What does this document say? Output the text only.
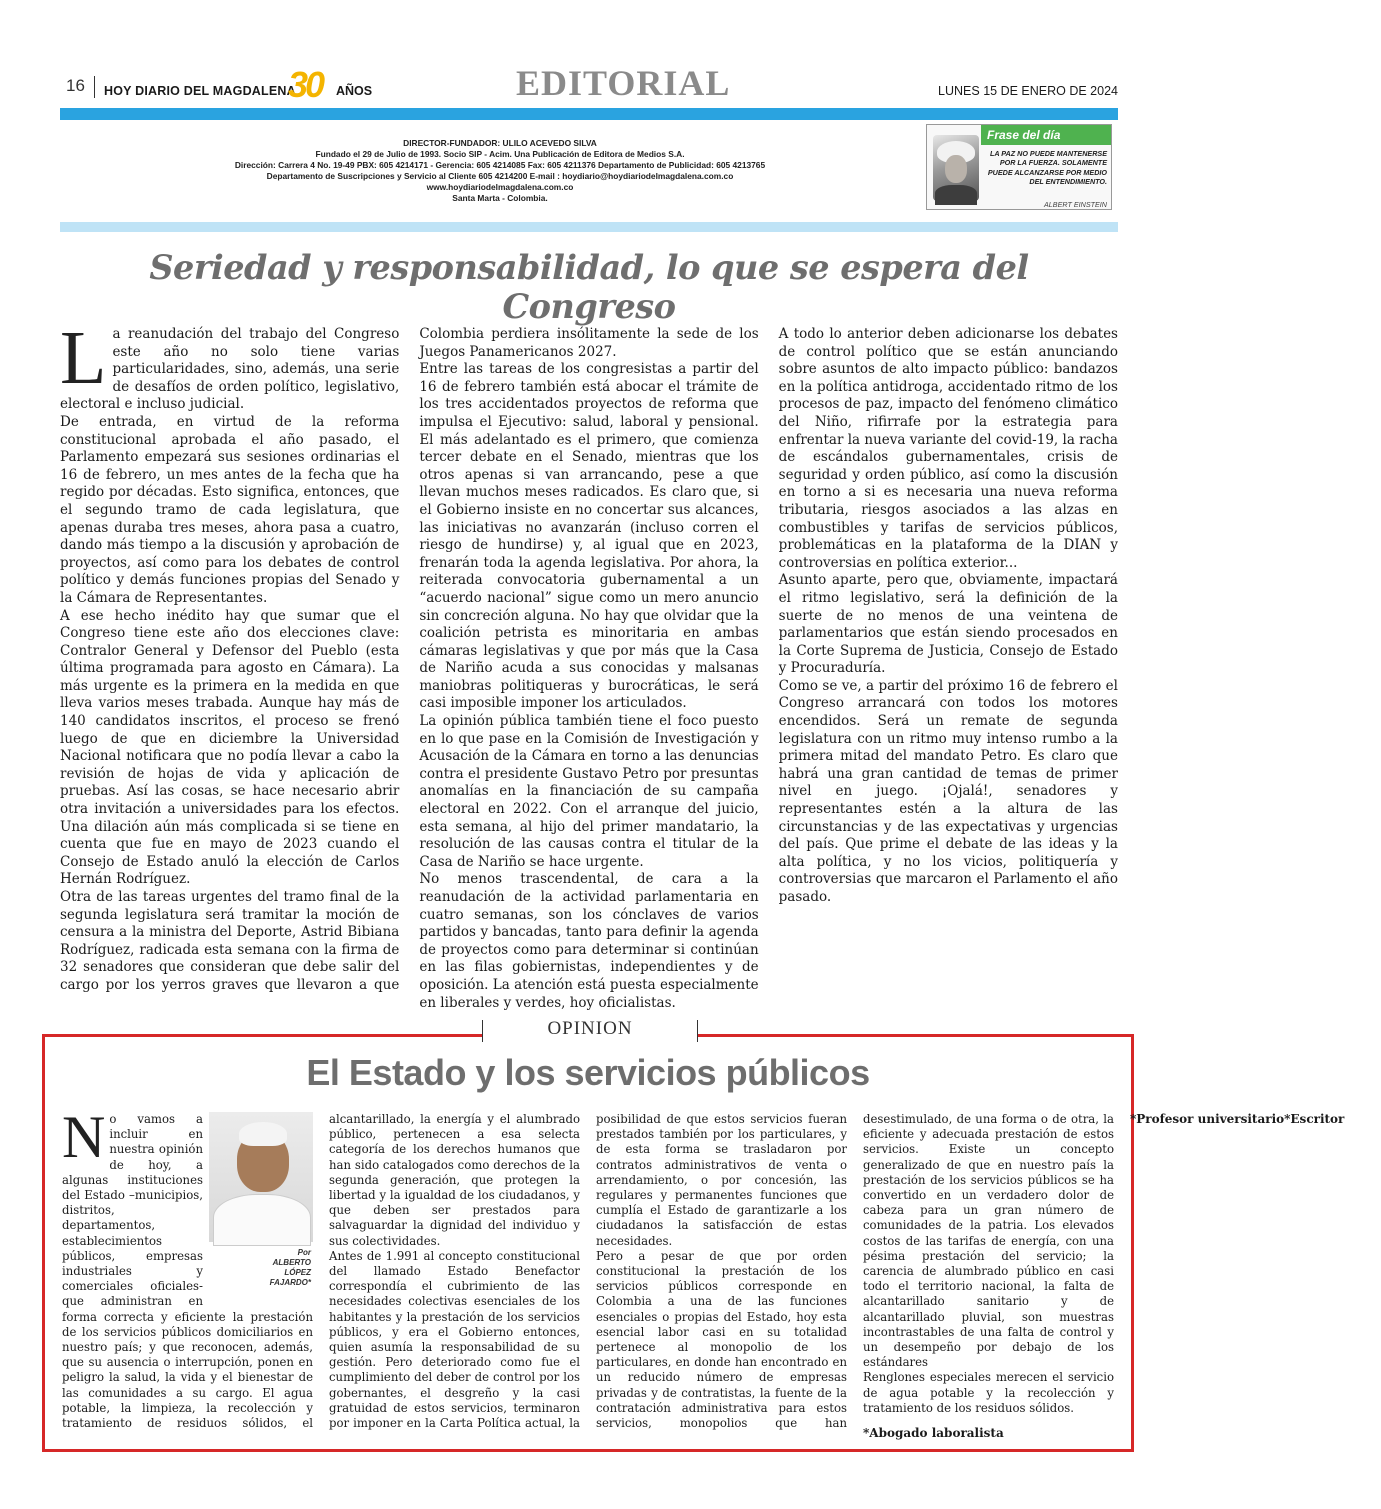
16 HOY DIARIO DEL MAGDALENA
30 AÑOS	EDITORIAL	LUNES 15 DE ENERO DE 2024
DIRECTOR-FUNDADOR: ULILO ACEVEDO SILVA
Fundado el 29 de Julio de 1993. Socio SIP - Acim. Una Publicación de Editora de Medios S.A.
Dirección: Carrera 4 No. 19-49 PBX: 605 4214171 - Gerencia: 605 4214085 Fax: 605 4211376 Departamento de Publicidad: 605 4213765
Departamento de Suscripciones y Servicio al Cliente 605 4214200 E-mail : hoydiario@hoydiariodelmagdalena.com.co
www.hoydiariodelmagdalena.com.co
Santa Marta - Colombia.
Frase del día
LA PAZ NO PUEDE MANTENERSE POR LA FUERZA. SOLAMENTE PUEDE ALCANZARSE POR MEDIO DEL ENTENDIMIENTO.
ALBERT EINSTEIN
Seriedad y responsabilidad, lo que se espera del Congreso

La reanudación del trabajo del Congreso este año no solo tiene varias particularidades, sino, además, una serie de desafíos de orden político, legislativo, electoral e incluso judicial.

De entrada, en virtud de la reforma constitucional aprobada el año pasado, el Parlamento empezará sus sesiones ordinarias el 16 de febrero, un mes antes de la fecha que ha regido por décadas. Esto significa, entonces, que el segundo tramo de cada legislatura, que apenas duraba tres meses, ahora pasa a cuatro, dando más tiempo a la discusión y aprobación de proyectos, así como para los debates de control político y demás funciones propias del Senado y la Cámara de Representantes.

A ese hecho inédito hay que sumar que el Congreso tiene este año dos elecciones clave: Contralor General y Defensor del Pueblo (esta última programada para agosto en Cámara). La más urgente es la primera en la medida en que lleva varios meses trabada. Aunque hay más de 140 candidatos inscritos, el proceso se frenó luego de que en diciembre la Universidad Nacional notificara que no podía llevar a cabo la revisión de hojas de vida y aplicación de pruebas. Así las cosas, se hace necesario abrir otra invitación a universidades para los efectos. Una dilación aún más complicada si se tiene en cuenta que fue en mayo de 2023 cuando el Consejo de Estado anuló la elección de Carlos Hernán Rodríguez.

Otra de las tareas urgentes del tramo final de la segunda legislatura será tramitar la moción de censura a la ministra del Deporte, Astrid Bibiana Rodríguez, radicada esta semana con la firma de 32 senadores que consideran que debe salir del cargo por los yerros graves que llevaron a que Colombia perdiera insólitamente la sede de los Juegos Panamericanos 2027.

Entre las tareas de los congresistas a partir del 16 de febrero también está abocar el trámite de los tres accidentados proyectos de reforma que impulsa el Ejecutivo: salud, laboral y pensional. El más adelantado es el primero, que comienza tercer debate en el Senado, mientras que los otros apenas si van arrancando, pese a que llevan muchos meses radicados. Es claro que, si el Gobierno insiste en no concertar sus alcances, las iniciativas no avanzarán (incluso corren el riesgo de hundirse) y, al igual que en 2023, frenarán toda la agenda legislativa. Por ahora, la reiterada convocatoria gubernamental a un “acuerdo nacional” sigue como un mero anuncio sin concreción alguna. No hay que olvidar que la coalición petrista es minoritaria en ambas cámaras legislativas y que por más que la Casa de Nariño acuda a sus conocidas y malsanas maniobras politiqueras y burocráticas, le será casi imposible imponer los articulados.

La opinión pública también tiene el foco puesto en lo que pase en la Comisión de Investigación y Acusación de la Cámara en torno a las denuncias contra el presidente Gustavo Petro por presuntas anomalías en la financiación de su campaña electoral en 2022. Con el arranque del juicio, esta semana, al hijo del primer mandatario, la resolución de las causas contra el titular de la Casa de Nariño se hace urgente.

No menos trascendental, de cara a la reanudación de la actividad parlamentaria en cuatro semanas, son los cónclaves de varios partidos y bancadas, tanto para definir la agenda de proyectos como para determinar si continúan en las filas gobiernistas, independientes y de oposición. La atención está puesta especialmente en liberales y verdes, hoy oficialistas.

A todo lo anterior deben adicionarse los debates de control político que se están anunciando sobre asuntos de alto impacto público: bandazos en la política antidroga, accidentado ritmo de los procesos de paz, impacto del fenómeno climático del Niño, rifirrafe por la estrategia para enfrentar la nueva variante del covid-19, la racha de escándalos gubernamentales, crisis de seguridad y orden público, así como la discusión en torno a si es necesaria una nueva reforma tributaria, riesgos asociados a las alzas en combustibles y tarifas de servicios públicos, problemáticas en la plataforma de la DIAN y controversias en política exterior...

Asunto aparte, pero que, obviamente, impactará el ritmo legislativo, será la definición de la suerte de no menos de una veintena de parlamentarios que están siendo procesados en la Corte Suprema de Justicia, Consejo de Estado y Procuraduría.

Como se ve, a partir del próximo 16 de febrero el Congreso arrancará con todos los motores encendidos. Será un remate de segunda legislatura con un ritmo muy intenso rumbo a la primera mitad del mandato Petro. Es claro que habrá una gran cantidad de temas de primer nivel en juego. ¡Ojalá!, senadores y representantes estén a la altura de las circunstancias y de las expectativas y urgencias del país. Que prime el debate de las ideas y la alta política, y no los vicios, politiquería y controversias que marcaron el Parlamento el año pasado.

OPINION
El Estado y los servicios públicos
Por
ALBERTO
LÓPEZ
FAJARDO*

No vamos a incluir en nuestra opinión de hoy, a algunas instituciones del Estado –municipios, distritos, departamentos, establecimientos públicos, empresas industriales y comerciales oficiales- que administran en forma correcta y eficiente la prestación de los servicios públicos domiciliarios en nuestro país; y que reconocen, además, que su ausencia o interrupción, ponen en peligro la salud, la vida y el bienestar de las comunidades a su cargo. El agua potable, la limpieza, la recolección y tratamiento de residuos sólidos, el alcantarillado, la energía y el alumbrado público, pertenecen a esa selecta categoría de los derechos humanos que han sido catalogados como derechos de la segunda generación, que protegen la libertad y la igualdad de los ciudadanos, y que deben ser prestados para salvaguardar la dignidad del individuo y sus colectividades.

Antes de 1.991 al concepto constitucional del llamado Estado Benefactor correspondía el cubrimiento de las necesidades colectivas esenciales de los habitantes y la prestación de los servicios públicos, y era el Gobierno entonces, quien asumía la responsabilidad de su gestión. Pero deteriorado como fue el cumplimiento del deber de control por los gobernantes, el desgreño y la casi gratuidad de estos servicios, terminaron por imponer en la Carta Política actual, la posibilidad de que estos servicios fueran prestados también por los particulares, y de esta forma se trasladaron por contratos administrativos de venta o arrendamiento, o por concesión, las regulares y permanentes funciones que cumplía el Estado de garantizarle a los ciudadanos la satisfacción de estas necesidades.

Pero a pesar de que por orden constitucional la prestación de los servicios públicos corresponde en Colombia a una de las funciones esenciales o propias del Estado, hoy esta esencial labor casi en su totalidad pertenece al monopolio de los particulares, en donde han encontrado en un reducido número de empresas privadas y de contratistas, la fuente de la contratación administrativa para estos servicios, monopolios que han desestimulado, de una forma o de otra, la eficiente y adecuada prestación de estos servicios. Existe un concepto generalizado de que en nuestro país la prestación de los servicios públicos se ha convertido en un verdadero dolor de cabeza para un gran número de comunidades de la patria. Los elevados costos de las tarifas de energía, con una pésima prestación del servicio; la carencia de alumbrado público en casi todo el territorio nacional, la falta de alcantarillado sanitario y de alcantarillado pluvial, son muestras incontrastables de una falta de control y un desempeño por debajo de los estándares

Renglones especiales merecen el servicio de agua potable y la recolección y tratamiento de los residuos sólidos.

*Abogado laboralista
*Profesor universitario*Escritor
